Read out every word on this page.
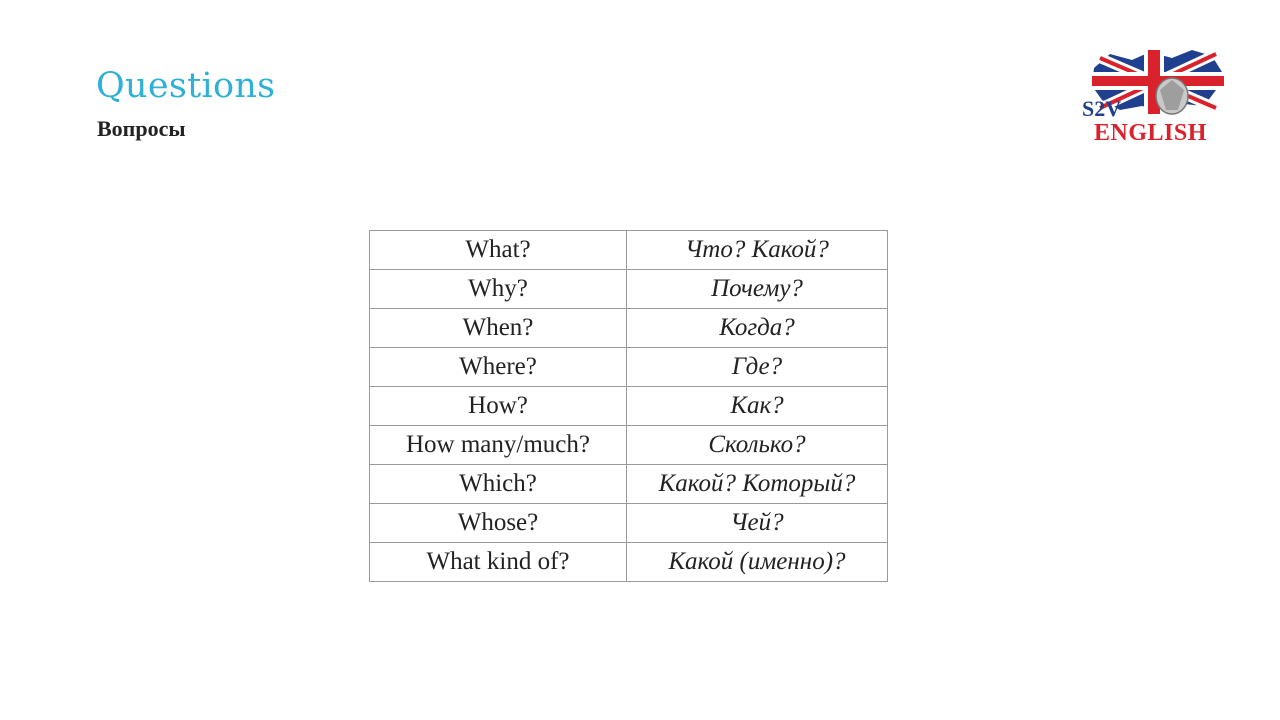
Questions
Вопросы
S2V
ENGLISH
What?	Что? Какой?
Why?	Почему?
When?	Когда?
Where?	Где?
How?	Как?
How many/much?	Сколько?
Which?	Какой? Который?
Whose?	Чей?
What kind of?	Какой (именно)?
